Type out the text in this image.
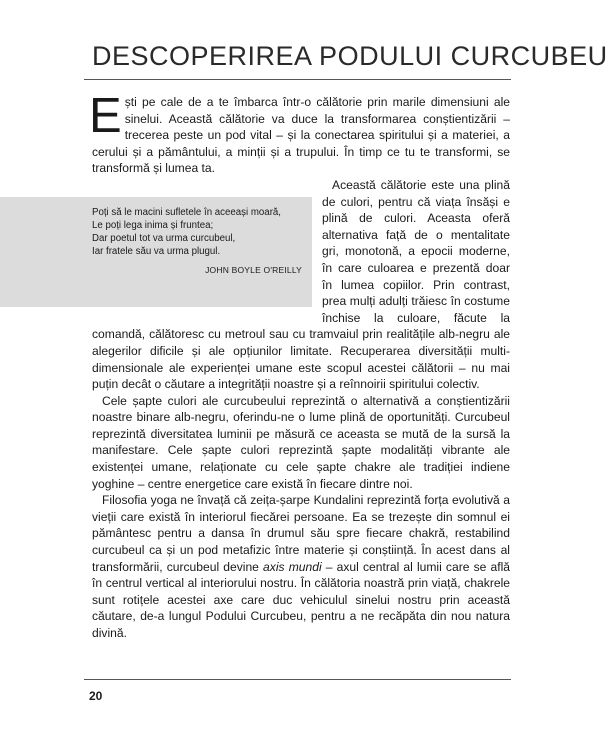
DESCOPERIREA PODULUI CURCUBEU

Ești pe cale de a te îmbarca într-o călătorie prin marile dimensiuni ale sinelui. Această călătorie va duce la transformarea conștientizării – trecerea peste un pod vital – și la conectarea spiritului și a materiei, a cerului și a pământului, a minții și a trupului. În timp ce tu te transformi, se transformă și lumea ta.

Poți să le macini sufletele în aceeași moară,
Le poți lega inima și fruntea;
Dar poetul tot va urma curcubeul,
Iar fratele său va urma plugul.
JOHN BOYLE O'REILLY
Această călătorie este una plină de culori, pentru că viața însăși e plină de culori. Aceasta oferă alternativa față de o mentalitate gri, monotonă, a epocii moderne, în care culoarea e prezentă doar în lumea copiilor. Prin contrast, prea mulți adulți trăiesc în costume închise la culoare, făcute la comandă, călătoresc cu metroul sau cu tramvaiul prin realitățile alb-negru ale alegerilor dificile și ale opțiunilor limitate. Recuperarea diversității multi-dimensionale ale experienței umane este scopul acestei călătorii – nu mai puțin decât o căutare a integrității noastre și a reînnoirii spiritului colectiv.

Cele șapte culori ale curcubeului reprezintă o alternativă a conștientizării noastre binare alb-negru, oferindu-ne o lume plină de oportunități. Curcubeul reprezintă diversitatea luminii pe măsură ce aceasta se mută de la sursă la manifestare. Cele șapte culori reprezintă șapte modalități vibrante ale existenței umane, relaționate cu cele șapte chakre ale tradiției indiene yoghine – centre energetice care există în fiecare dintre noi.

Filosofia yoga ne învață că zeița-șarpe Kundalini reprezintă forța evolutivă a vieții care există în interiorul fiecărei persoane. Ea se trezește din somnul ei pământesc pentru a dansa în drumul său spre fiecare chakră, restabilind curcubeul ca și un pod metafizic între materie și conștiință. În acest dans al transformării, curcubeul devine axis mundi – axul central al lumii care se află în centrul vertical al interiorului nostru. În călătoria noastră prin viață, chakrele sunt rotițele acestei axe care duc vehiculul sinelui nostru prin această căutare, de-a lungul Podului Curcubeu, pentru a ne recăpăta din nou natura divină.

20
